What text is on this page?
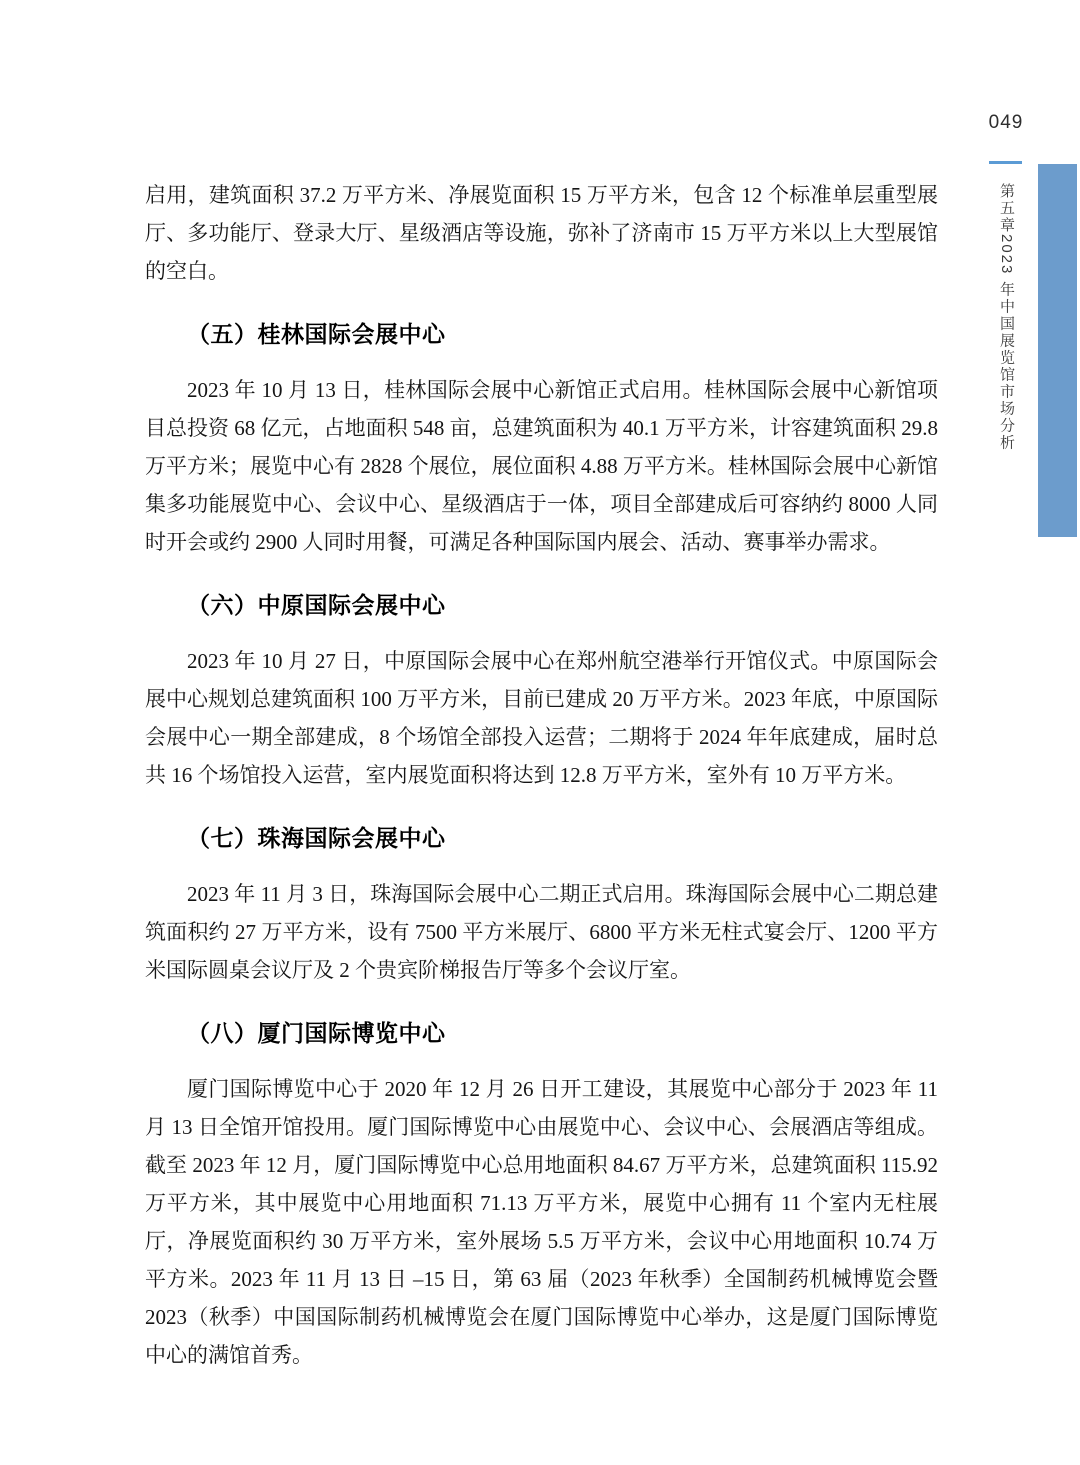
049
第五章2023 年中国展览馆市场分析

启用，建筑面积 37.2 万平方米、净展览面积 15 万平方米，包含 12 个标准单层重型展厅、多功能厅、登录大厅、星级酒店等设施，弥补了济南市 15 万平方米以上大型展馆的空白。

（五）桂林国际会展中心

2023 年 10 月 13 日，桂林国际会展中心新馆正式启用。桂林国际会展中心新馆项目总投资 68 亿元，占地面积 548 亩，总建筑面积为 40.1 万平方米，计容建筑面积 29.8 万平方米；展览中心有 2828 个展位，展位面积 4.88 万平方米。桂林国际会展中心新馆集多功能展览中心、会议中心、星级酒店于一体，项目全部建成后可容纳约 8000 人同时开会或约 2900 人同时用餐，可满足各种国际国内展会、活动、赛事举办需求。

（六）中原国际会展中心

2023 年 10 月 27 日，中原国际会展中心在郑州航空港举行开馆仪式。中原国际会展中心规划总建筑面积 100 万平方米，目前已建成 20 万平方米。2023 年底，中原国际会展中心一期全部建成，8 个场馆全部投入运营；二期将于 2024 年年底建成，届时总共 16 个场馆投入运营，室内展览面积将达到 12.8 万平方米，室外有 10 万平方米。

（七）珠海国际会展中心

2023 年 11 月 3 日，珠海国际会展中心二期正式启用。珠海国际会展中心二期总建筑面积约 27 万平方米，设有 7500 平方米展厅、6800 平方米无柱式宴会厅、1200 平方米国际圆桌会议厅及 2 个贵宾阶梯报告厅等多个会议厅室。

（八）厦门国际博览中心

厦门国际博览中心于 2020 年 12 月 26 日开工建设，其展览中心部分于 2023 年 11 月 13 日全馆开馆投用。厦门国际博览中心由展览中心、会议中心、会展酒店等组成。截至 2023 年 12 月，厦门国际博览中心总用地面积 84.67 万平方米，总建筑面积 115.92 万平方米，其中展览中心用地面积 71.13 万平方米，展览中心拥有 11 个室内无柱展厅，净展览面积约 30 万平方米，室外展场 5.5 万平方米，会议中心用地面积 10.74 万平方米。2023 年 11 月 13 日 –15 日，第 63 届（2023 年秋季）全国制药机械博览会暨 2023（秋季）中国国际制药机械博览会在厦门国际博览中心举办，这是厦门国际博览中心的满馆首秀。
